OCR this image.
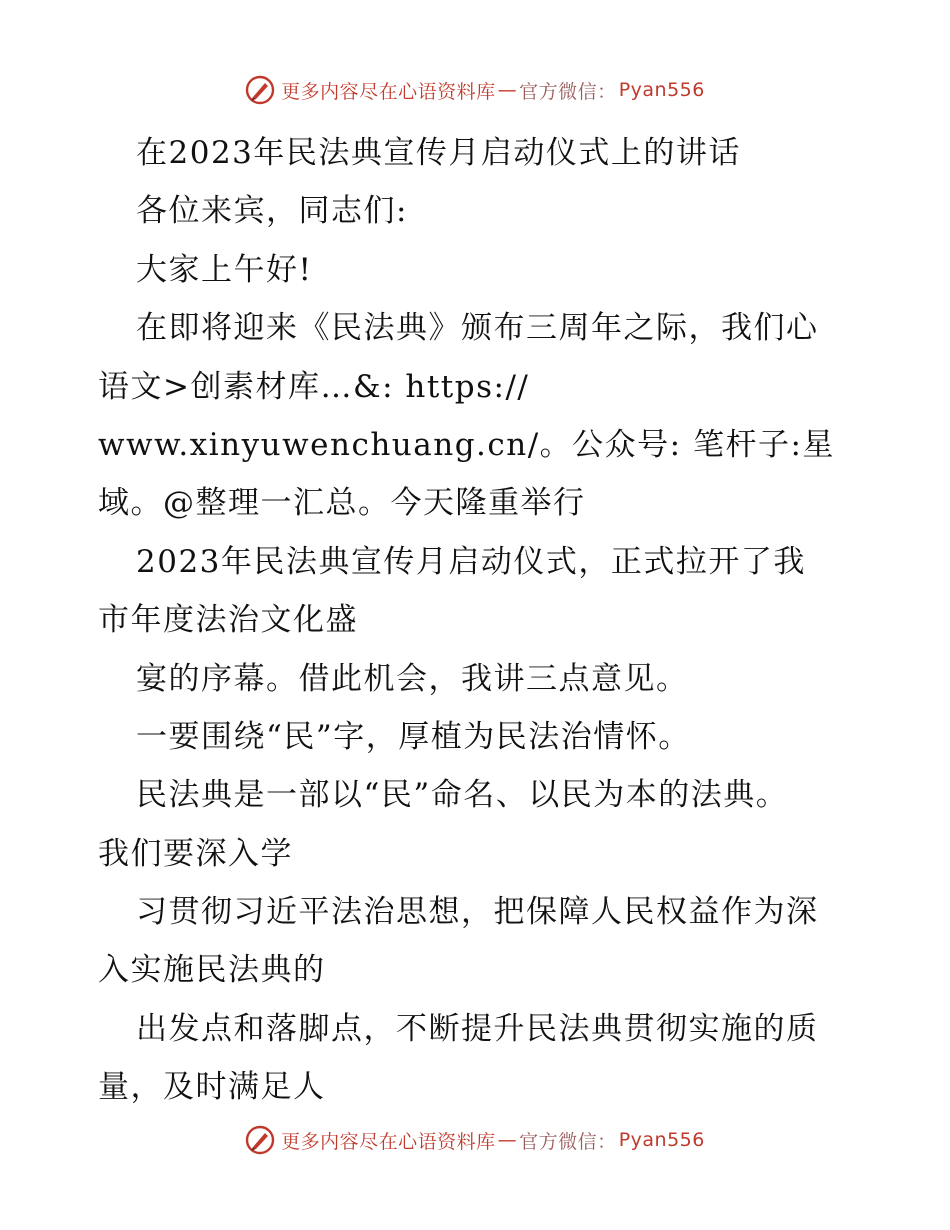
更多内容尽在心语资料库 — 官方微信： Pyan556
在2023年民法典宣传月启动仪式上的讲话
各位来宾，同志们:
大家上午好!
在即将迎来《民法典》颁布三周年之际，我们心
语文>创素材库…&: https://
www.xinyuwenchuang.cn/。公众号: 笔杆子:星
域。@整理一汇总。今天隆重举行
2023年民法典宣传月启动仪式，正式拉开了我
市年度法治文化盛
宴的序幕。借此机会，我讲三点意见。
一要围绕“民”字，厚植为民法治情怀。
民法典是一部以“民”命名、以民为本的法典。
我们要深入学
习贯彻习近平法治思想，把保障人民权益作为深
入实施民法典的
出发点和落脚点，不断提升民法典贯彻实施的质
量，及时满足人
更多内容尽在心语资料库 — 官方微信： Pyan556
